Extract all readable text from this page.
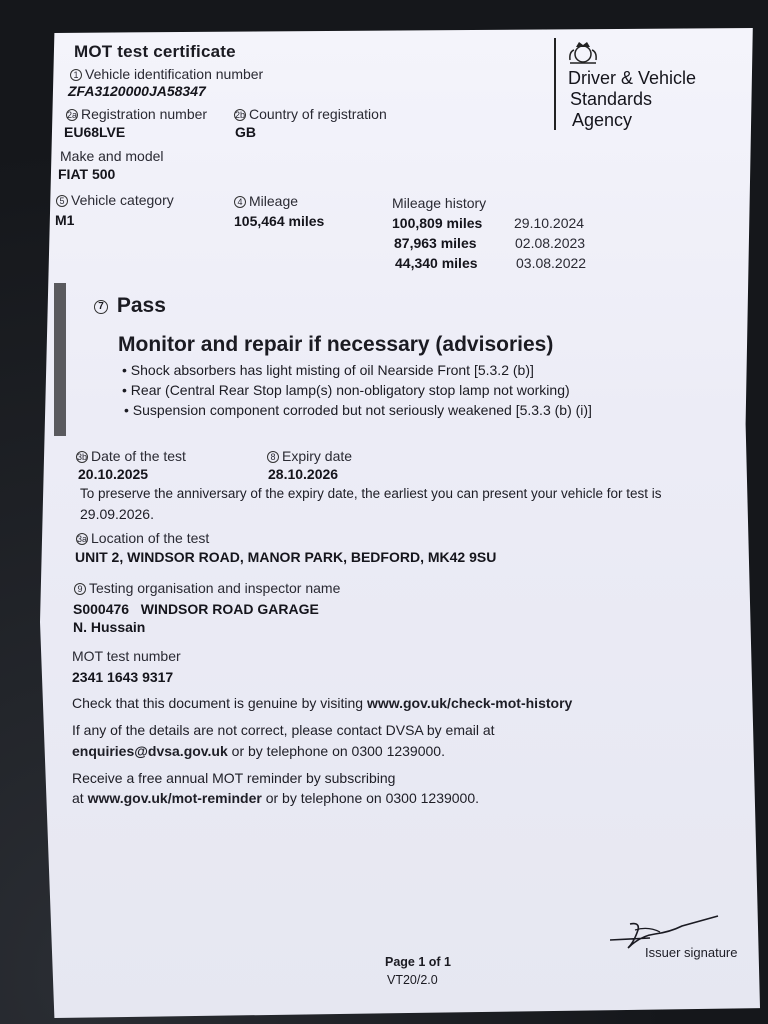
MOT test certificate
1 Vehicle identification number
ZFA3120000JA58347
2a Registration number
EU68LVE
2b Country of registration
GB
Make and model
FIAT 500
5 Vehicle category
M1
4 Mileage
105,464 miles
Mileage history
100,809 miles 29.10.2024
87,963 miles	02.08.2023
44,340 miles	03.08.2022
Driver & Vehicle
Standards
Agency
7 Pass
Monitor and repair if necessary (advisories)
• Shock absorbers has light misting of oil Nearside Front [5.3.2 (b)]
• Rear (Central Rear Stop lamp(s) non-obligatory stop lamp not working)
• Suspension component corroded but not seriously weakened [5.3.3 (b) (i)]
3b Date of the test
20.10.2025
8 Expiry date
28.10.2026
To preserve the anniversary of the expiry date, the earliest you can present your vehicle for test is
29.09.2026.
3a Location of the test
UNIT 2, WINDSOR ROAD, MANOR PARK, BEDFORD, MK42 9SU
9 Testing organisation and inspector name
S000476   WINDSOR ROAD GARAGE
N. Hussain
MOT test number
2341 1643 9317
Check that this document is genuine by visiting www.gov.uk/check-mot-history
If any of the details are not correct, please contact DVSA by email at
enquiries@dvsa.gov.uk or by telephone on 0300 1239000.
Receive a free annual MOT reminder by subscribing
at www.gov.uk/mot-reminder or by telephone on 0300 1239000.
Issuer signature
Page 1 of 1
VT20/2.0
